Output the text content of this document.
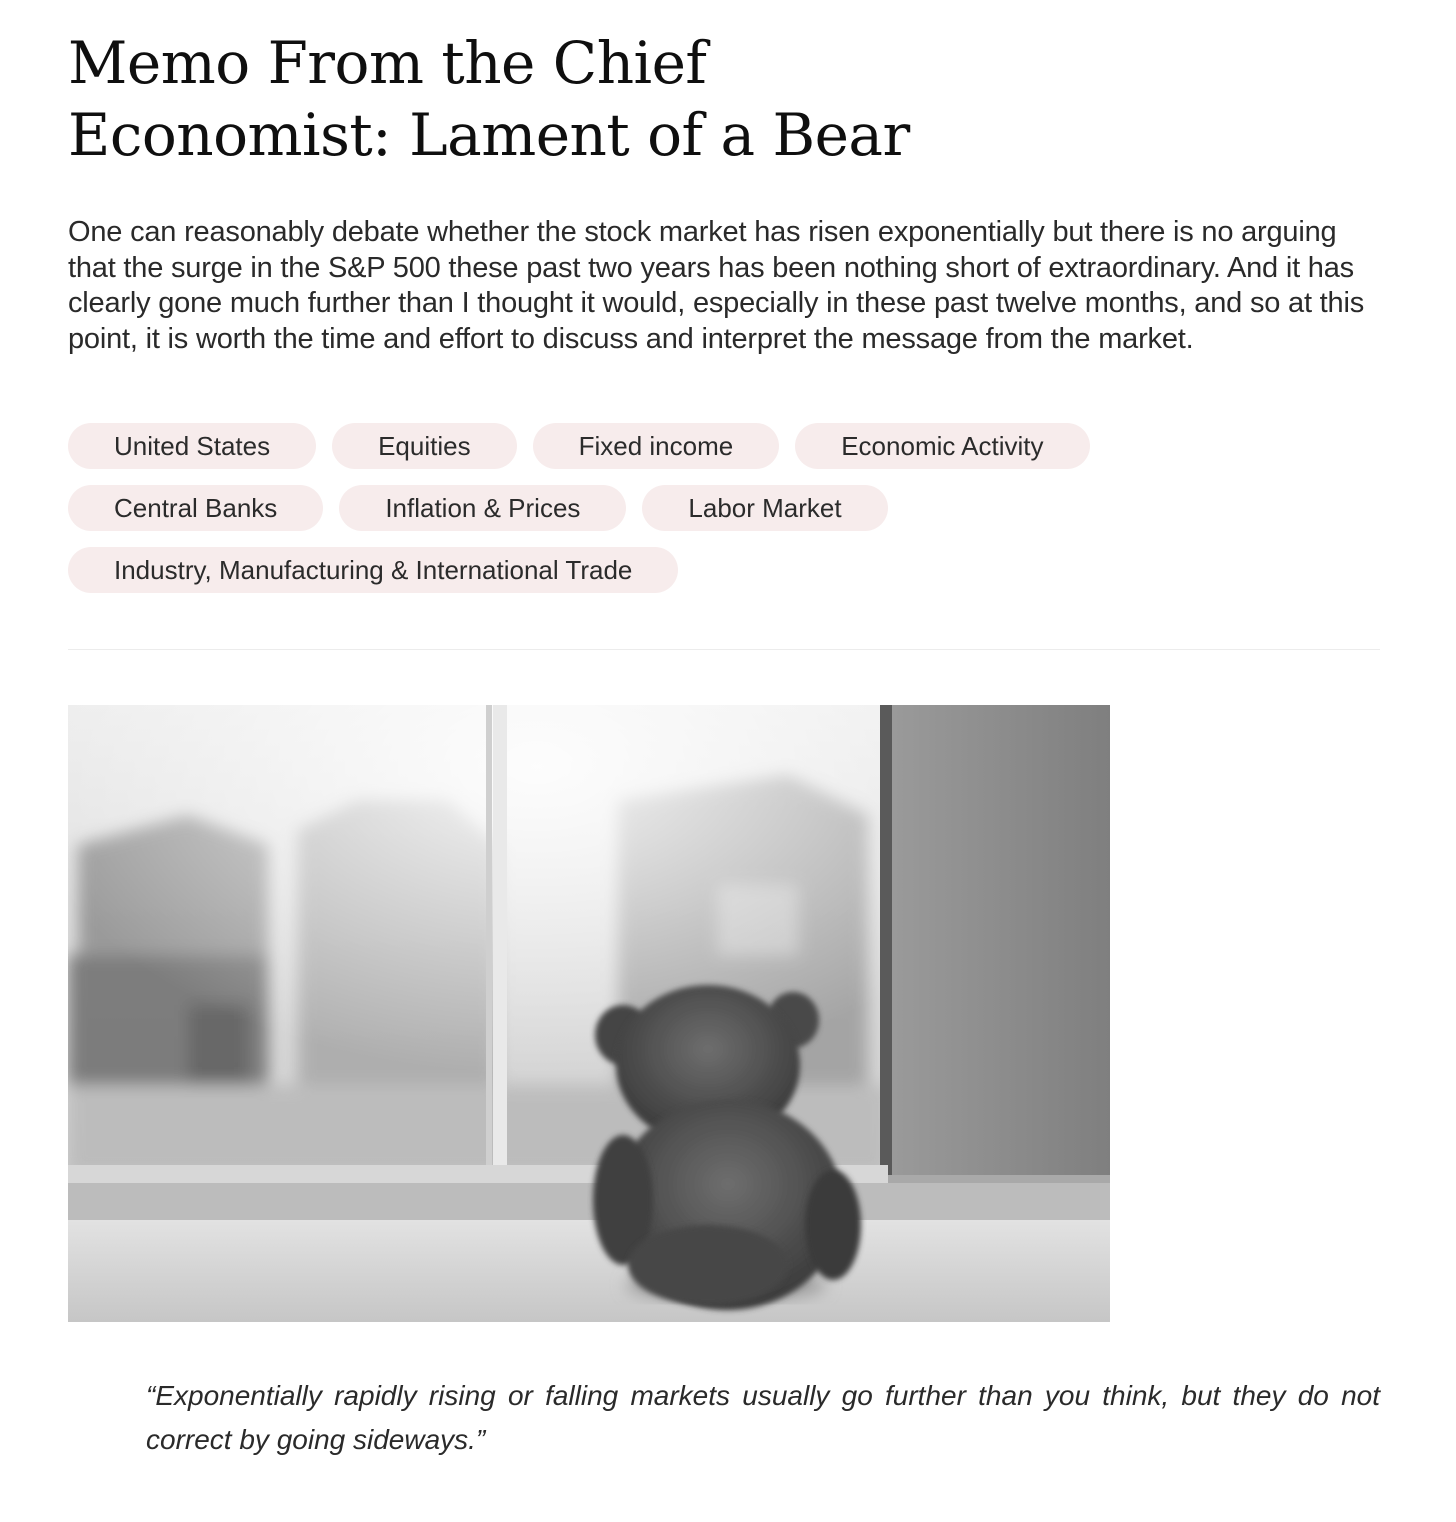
Memo From the Chief
Economist: Lament of a Bear

One can reasonably debate whether the stock market has risen exponentially but there is no arguing that the surge in the S&P 500 these past two years has been nothing short of extraordinary. And it has clearly gone much further than I thought it would, especially in these past twelve months, and so at this point, it is worth the time and effort to discuss and interpret the message from the market.

United States	Equities	Fixed income	Economic Activity
Central Banks	Inflation & Prices	Labor Market
Industry, Manufacturing & International Trade

“Exponentially rapidly rising or falling markets usually go further than you think, but they do not correct by going sideways.”
